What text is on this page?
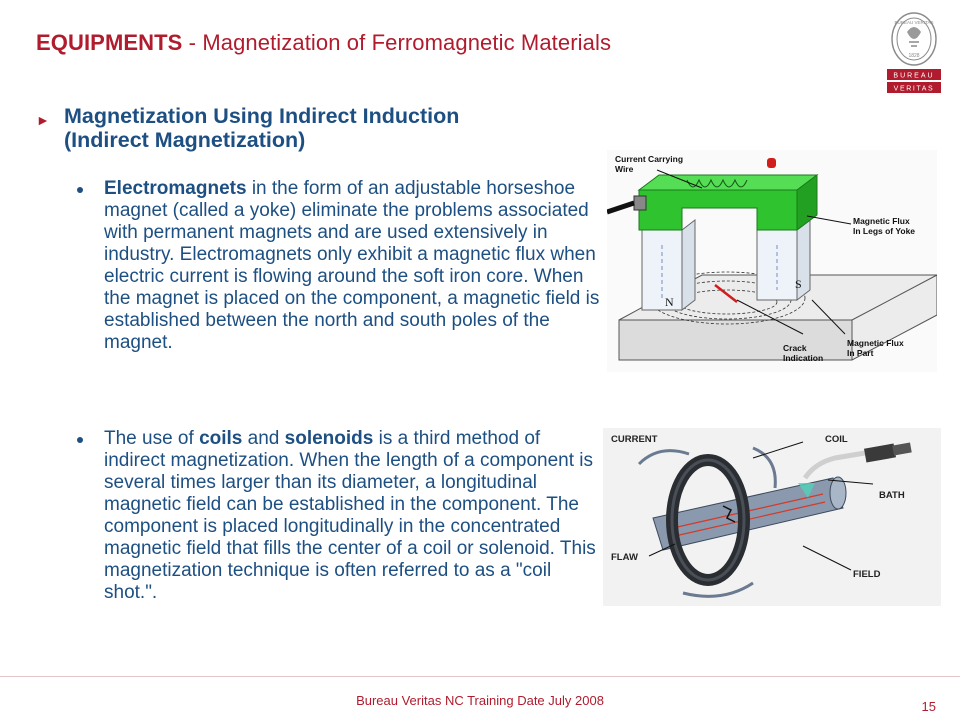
EQUIPMENTS - Magnetization of Ferromagnetic Materials
BUREAU VERITAS
1828
BUREAU
VERITAS
► Magnetization Using Indirect Induction
(Indirect Magnetization)
Electromagnets in the form of an adjustable horseshoe magnet (called a yoke) eliminate the problems associated with permanent magnets and are used extensively in industry. Electromagnets only exhibit a magnetic flux when electric current is flowing around the soft iron core. When the magnet is placed on the component, a magnetic field is established between the north and south poles of the magnet.
The use of coils and solenoids is a third method of indirect magnetization. When the length of a component is several times larger than its diameter, a longitudinal magnetic field can be established in the component. The component is placed longitudinally in the concentrated magnetic field that fills the center of a coil or solenoid. This magnetization technique is often referred to as a "coil shot.".
N
S
Current Carrying
Wire
Magnetic Flux
In Legs of Yoke
Crack
Indication
Magnetic Flux
In Part
CURRENT	COIL
BATH
FLAW
FIELD
Bureau Veritas NC Training Date July 2008	15
